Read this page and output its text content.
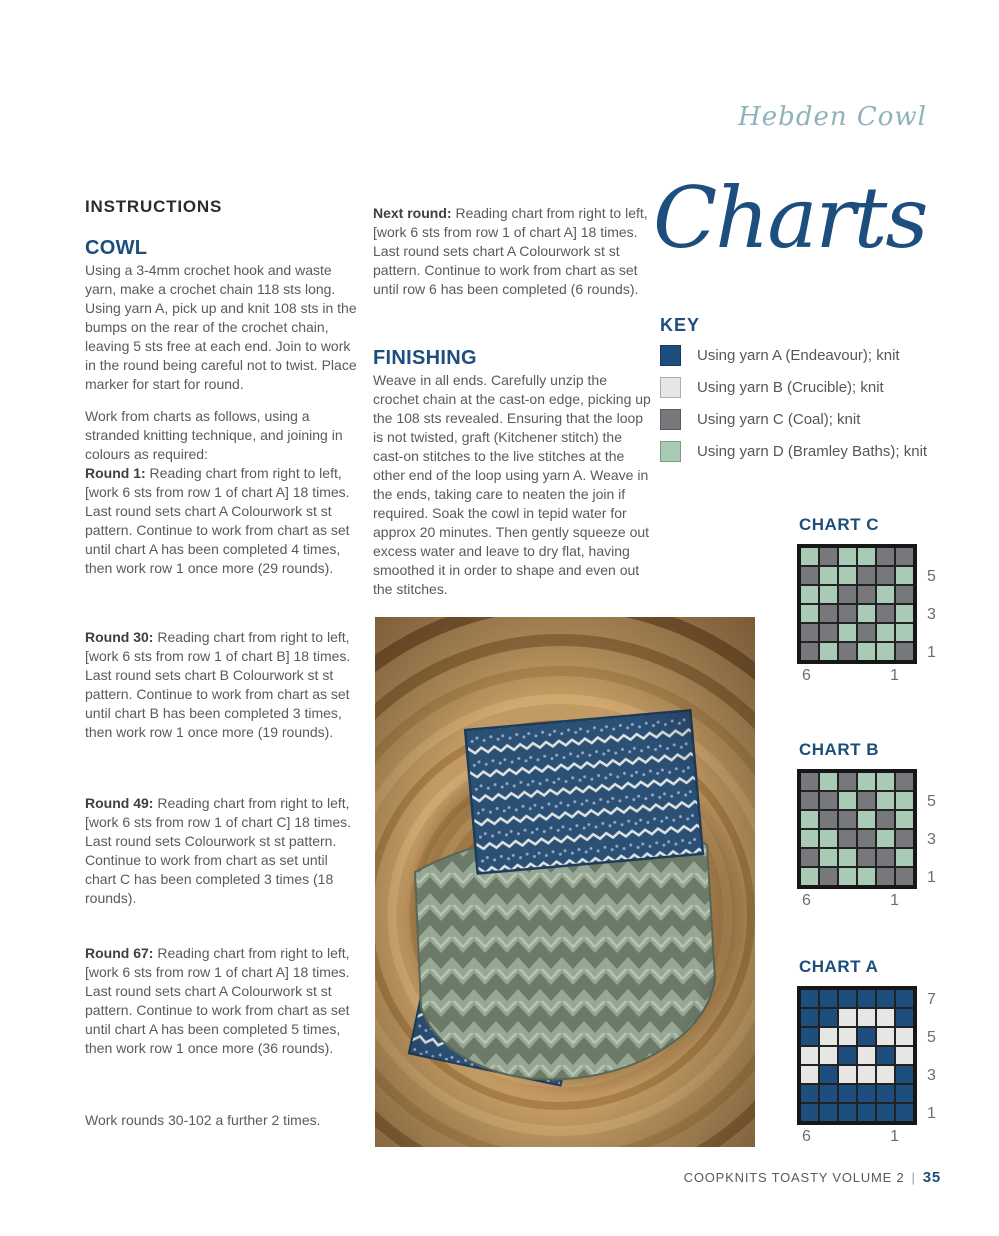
Hebden Cowl
INSTRUCTIONS
COWL
Using a 3-4mm crochet hook and waste yarn, make a crochet chain 118 sts long. Using yarn A, pick up and knit 108 sts in the bumps on the rear of the crochet chain, leaving 5 sts free at each end. Join to work in the round being careful not to twist. Place marker for start for round.
Work from charts as follows, using a stranded knitting technique, and joining in colours as required:
Round 1: Reading chart from right to left, [work 6 sts from row 1 of chart A] 18 times.
Last round sets chart A Colourwork st st pattern. Continue to work from chart as set until chart A has been completed 4 times, then work row 1 once more (29 rounds).
Round 30: Reading chart from right to left, [work 6 sts from row 1 of chart B] 18 times.
Last round sets chart B Colourwork st st pattern. Continue to work from chart as set until chart B has been completed 3 times, then work row 1 once more (19 rounds).
Round 49: Reading chart from right to left, [work 6 sts from row 1 of chart C] 18 times.
Last round sets Colourwork st st pattern. Continue to work from chart as set until chart C has been completed 3 times (18 rounds).
Round 67: Reading chart from right to left, [work 6 sts from row 1 of chart A] 18 times.
Last round sets chart A Colourwork st st pattern. Continue to work from chart as set until chart A has been completed 5 times, then work row 1 once more (36 rounds).
Work rounds 30-102 a further 2 times.
Next round: Reading chart from right to left, [work 6 sts from row 1 of chart A] 18 times.
Last round sets chart A Colourwork st st pattern. Continue to work from chart as set until row 6 has been completed (6 rounds).
FINISHING
Weave in all ends. Carefully unzip the crochet chain at the cast-on edge, picking up the 108 sts revealed. Ensuring that the loop is not twisted, graft (Kitchener stitch) the cast-on stitches to the live stitches at the other end of the loop using yarn A. Weave in the ends, taking care to neaten the join if required. Soak the cowl in tepid water for approx 20 minutes. Then gently squeeze out excess water and leave to dry flat, having smoothed it in order to shape and even out the stitches.
Charts
KEY
Using yarn A (Endeavour); knit
Using yarn B (Crucible); knit
Using yarn C (Coal); knit
Using yarn D (Bramley Baths); knit
CHART C
5
3
1
6	1
CHART B
5
3
1
6	1
CHART A
7
5
3
1
6	1
COOPKNITS TOASTY VOLUME 2 | 35
